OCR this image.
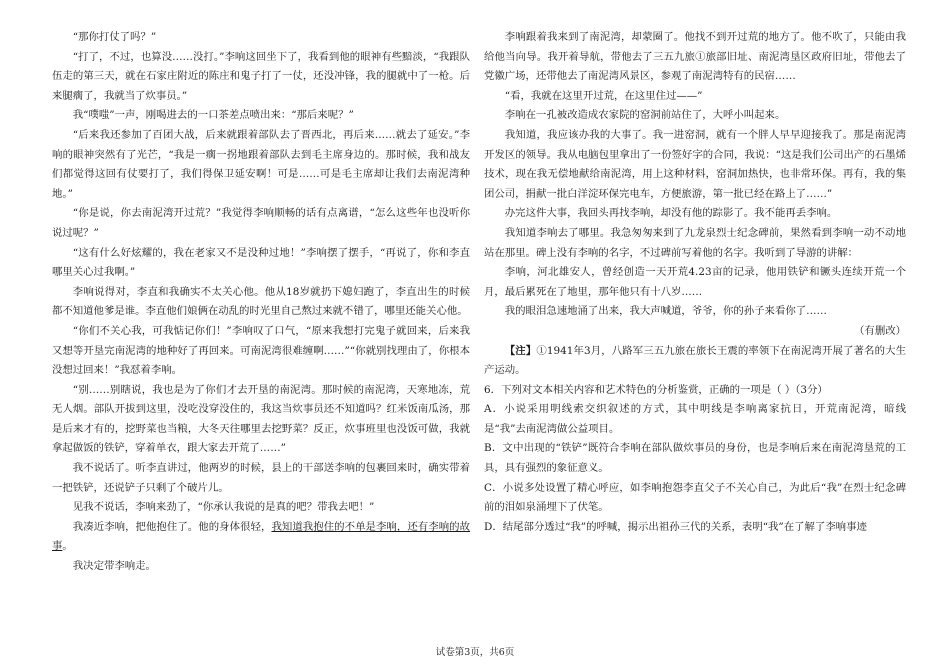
“那你打仗了吗？”

“打了，不过，也算没……没打。”李响这回坐下了，我看到他的眼神有些黯淡，“我跟队伍走的第三天，就在石家庄附近的陈庄和鬼子打了一仗，还没冲锋，我的腿就中了一枪。后来腿瘸了，我就当了炊事员。”

我“噗嗤”一声，刚喝进去的一口茶差点喷出来：“那后来呢？”

“后来我还参加了百团大战，后来就跟着部队去了晋西北，再后来……就去了延安。”李响的眼神突然有了光芒，“我是一瘸一拐地跟着部队去到毛主席身边的。那时候，我和战友们都觉得这回有仗要打了，我们得保卫延安啊！可是……可是毛主席却让我们去南泥湾种地。”

“你是说，你去南泥湾开过荒？”我觉得李响顺畅的话有点离谱，“怎么这些年也没听你说过呢？”

“这有什么好炫耀的，我在老家又不是没种过地！”李响摆了摆手，“再说了，你和李直哪里关心过我啊。”

李响说得对，李直和我确实不太关心他。他从18岁就扔下媳妇跑了，李直出生的时候都不知道他爹是谁。李直他们娘俩在动乱的时光里自己熬过来就不错了，哪里还能关心他。

“你们不关心我，可我惦记你们！”李响叹了口气，“原来我想打完鬼子就回来，后来我又想等开垦完南泥湾的地种好了再回来。可南泥湾很难缠啊……”“你就别找理由了，你根本没想过回来！”我怼着李响。

“别……别瞎说，我也是为了你们才去开垦的南泥湾。那时候的南泥湾，天寒地冻，荒无人烟。部队开拔到这里，没吃没穿没住的，我这当炊事员还不知道吗？红米饭南瓜汤，那是后来才有的，挖野菜也当粮，大冬天往哪里去挖野菜？反正，炊事班里也没饭可做，我就拿起做饭的铁铲，穿着单衣，跟大家去开荒了……”

我不说话了。听李直讲过，他两岁的时候，县上的干部送李响的包裹回来时，确实带着一把铁铲，还说铲子只剩了个破片儿。

见我不说话，李响来劲了，“你承认我说的是真的吧？带我去吧！”

我凑近李响，把他抱住了。他的身体很轻，我知道我抱住的不单是李响，还有李响的故事。

我决定带李响走。

李响跟着我来到了南泥湾，却蒙圈了。他找不到开过荒的地方了。他不吹了，只能由我给他当向导。我开着导航，带他去了三五九旅①旅部旧址、南泥湾垦区政府旧址，带他去了党徽广场，还带他去了南泥湾风景区，参观了南泥湾特有的民宿……

“看，我就在这里开过荒，在这里住过——”

李响在一孔被改造成农家院的窑洞前站住了，大呼小叫起来。

我知道，我应该办我的大事了。我一进窑洞，就有一个胖人早早迎接我了。那是南泥湾开发区的领导。我从电脑包里拿出了一份签好字的合同，我说：“这是我们公司出产的石墨烯技术，现在我无偿地献给南泥湾，用上这种材料，窑洞加热快，也非常环保。再有，我的集团公司，捐献一批白洋淀环保完电车，方便旅游，第一批已经在路上了……”

办完这件大事，我回头再找李响，却没有他的踪影了。我不能再丢李响。

我知道李响去了哪里。我急匆匆来到了九龙泉烈士纪念碑前，果然看到李响一动不动地站在那里。碑上没有李响的名字，不过碑前写着他的名字。我听到了导游的讲解：

李响，河北雄安人，曾经创造一天开荒4.23亩的记录，他用铁铲和镢头连续开荒一个月，最后累死在了地里，那年他只有十八岁……

我的眼泪急速地涌了出来，我大声喊道，爷爷，你的孙子来看你了……

（有删改）

【注】①1941年3月，八路军三五九旅在旅长王震的率领下在南泥湾开展了著名的大生产运动。

6．下列对文本相关内容和艺术特色的分析鉴赏，正确的一项是（ ）（3分）

A．小说采用明线索交织叙述的方式，其中明线是李响离家抗日，开荒南泥湾，暗线是“我”去南泥湾做公益项目。

B．文中出现的“铁铲”既符合李响在部队做炊事员的身份，也是李响后来在南泥湾垦荒的工具，具有强烈的象征意义。

C．小说多处设置了精心呼应，如李响抱怨李直父子不关心自己，为此后“我”在烈士纪念碑前的泪如泉涌埋下了伏笔。

D．结尾部分透过“我”的呼喊，揭示出祖孙三代的关系，表明“我”在了解了李响事迹

试卷第3页，共6页
